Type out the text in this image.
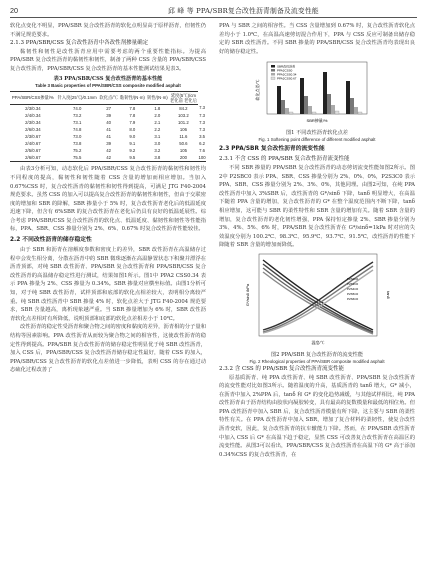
20	邱 峰 等 PPA/SBR复合改性沥青制备及流变性能

软化点变化不明显，PPA/SBR 复合改性沥青的软化点明显高于原样沥青，但韧性仍不满足规范要求。

2.1.3 PPA/SBR/CSS 复合改性沥青中各改性剂掺量确定

黏韧性和韧性是改性沥青应用中需要考虑的两个重要性能指标。为提高 PPA/SBR 复合改性沥青的黏韧性和韧性，制备了两种 CSS 含量的 PPA/SBR/CSS 复合改性沥青，PPA/SBR/CSS 复合改性沥青的基本性能测试结果见表3。

表3 PPA/SBR/CSS 复合改性沥青的基本性能
Table 3 Basic properties of PPA/SBR/CSS composite modified asphalt
PPA/SBR/CSS掺量/%	针入度(25℃)/0.1mm	软化点/℃	黏韧性/(N·m)	韧性/(N·m)	延度(5℃)/cm
老化前 老化后	
2/3/0.34	74.0	27	7.8	1.8	84.2	7.3
2/4/0.34	73.2	39	7.8	2.0	103.2	7.3
2/3/0.34	73.1	40	7.9	2.1	101.2	7.3
2/6/0.34	74.8	41	8.0	2.2	106	7.3
2/3/0.67	73.0	41	9.0	3.1	11.6	3.5
2/4/0.67	73.8	39	9.1	3.0	50.6	6.2
2/5/0.67	75.2	42	9.2	3.2	105	7.6
2/6/0.67	75.5	42	9.5	3.8	200	100

由表3分析可知，动态软化后 PPA/SBR/CSS 复合改性沥青的黏韧性和韧性均不同程度的提高，黏韧性和韧性随着 CSS 含量的增加而相应增加。当加入 0.67%CSS 时，复合改性沥青的黏韧性和韧性得到提高，可满足 JTG F40-2004 规范要求。虽然 CSS 的加入可以提高复合改性沥青的黏韧性和韧性，但由于交联密度的增加和 SBR 的降解，SBR 掺量小于 5% 时，复合改性沥青老化后的低温延度迅速下降，但含有 6%SBR 的复合改性沥青在老化后仍具有良好的低温延展性。综合考虑 PPA/SBR/CSS 复合改性沥青的软化点、低温延度、黏韧性和韧性等性能指标，PPA、SBR、CSS 掺量分别为 2%、6%、0.67% 时复合改性沥青性能较佳。

2.2 不同改性沥青的储存稳定性

由于 SBR 和沥青在溶解度参数和密度上的差异，SBR 改性沥青在高温储存过程中会发生相分离，分散在沥青中的 SBR 微珠逐渐在高温静置状态下积聚并漂浮在沥青顶部，对纯 SBR 改性沥青、PPA/SBR 复合改性沥青和 PPA/SBR/CSS 复合改性沥青的高温储存稳定性进行测试，结果如图1所示。图1中 PPA2 CSS0.34 表示 PPA 掺量为 2%、CSS 掺量为 0.34%。SBR 掺量对应横坐标值。由图1分析可知，对于纯 SBR 改性沥青，试样顶部和底部的软化点相差较大，表明相分离较严重。纯 SBR 改性沥青中 SBR 掺量 4% 时，软化点差大于 JTG F40-2004 规范要求，SBR 含量越高，离析现象越严重。当 SBR 掺量增加为 6% 时，SBR 改性沥青软化点差相对有所降低，说明顶部和底部的软化点差相差小于 10℃。

改性沥青的稳定性受沥青和聚合物之间的密度和黏度的差异，沥青相的分子量和结构等因素影响。PPA 改性沥青从而较为聚合物之间的相容性，这使改性沥青的稳定性得到提高。PPA/SBR 复合改性沥青的储存稳定性明显优于纯 SBR 改性沥青，加入 CSS 后，PPA/SBR/CSS 复合改性沥青储存稳定性最好，随着 CSS 的加入，PPA/SBR/CSS 复合改性沥青的软化点差值进一步降低，表明 CSS 的存在通过动态硫化过程改善了

PPA 与 SBR 之间的相容性。当 CSS 含量增加到 0.67% 时，复合改性沥青软化点差均小于 1.0℃，在高温高速剪切混合作用下，PPA 与 CSS 反应可制备出储存稳定的 SBR 改性沥青。不同 SBR 掺量的 PPA/SBR/CSS 复合改性沥青均表现出良好的储存稳定性。

软化点差/℃
SBR掺量/%
SBR改性沥青
PPA2CSS0
PPA2CSS0.34
PPA2CSS0.67
图1 不同改性沥青软化点差
Fig. 1 Softening point difference of different modified asphalt
2.3 PPA/SBR 复合改性沥青的流变性能
2.3.1 不含 CSS 的 PPA/SBR 复合改性沥青流变性能

不同 SBR 掺量的 PPA/SBR 复合改性沥青的动态剪切流变性能如图2所示。图2中 P2SBC0 表示 PPA、SBR、CSS 掺量分别为 2%、0%、0%，P2S3C0 表示 PPA、SBR、CSS 掺量分别为 2%、3%、0%，其他同理。由图2可知，在纯 PPA 改性沥青中加入 3%SBR 后，改性沥青的 G*/sinδ 下降，tanδ 明显增大，在高温下随着 PPA 含量的增加，复合改性沥青的 G* 在整个温度范围内不断下降，tanδ 相应增加，这可能与 SBR 的柔性特性和 SBR 含量的增加有关。随着 SBR 含量的增加，复合改性沥青的老化韧性增强，PPA 保持恒定掺量 2%、SBR 掺量分别为 3%、4%、5%、6% 时，PPA/SBR 复合改性沥青在 G*/sinδ=1kPa 时对应的失效温度分别为 100.2℃、98.3℃、95.9℃、93.7℃、91.5℃，改性沥青的性能下降随着 SBR 含量的增加而降低。

G*/sinδ /kPa	tanδ
温度/℃
P2S0C0
P2S3C0
P2S4C0
P2S5C0
P2S6C0
图2 PPA/SBR 复合改性沥青的流变性能
Fig. 2 Rheological properties of PPA/SBR composite modified asphalt
2.3.2 含 CSS 的 PPA/SBR 复合改性沥青流变性能

原基质沥青、纯 PPA 改性沥青、纯 SBR 改性沥青、PPA/SBR 复合改性沥青的流变性能对比如图3所示。随着温度的升高，基质沥青的 tanδ 增大，G* 减小，在沥青中加入 2%PPA 后，tanδ 和 G* 的变化趋势减缓，与其他试样相比，纯 PPA 改性沥青由于沥青结构由胶状向凝胶转变，具有最高的复数模量和最低的相位角。但 PPA 改性沥青中加入 SBR 后，复合改性沥青模量有所下降，这主要与 SBR 的柔性特性有关。在 PPA 改性沥青中加入 SBR，增加了复合材料的柔韧性，使复合改性沥青变软，因此，复合改性沥青的抗车辙能力下降。然而，在 PPA/SBR 改性沥青中加入 CSS 后 G* 在高温下趋于稳定，显然 CSS 可改善复合改性沥青在高温区的流变性能。从图3可以看出，PPA/SBR/CSS 复合改性沥青在高温下的 G* 高于添加 0.34%CSS 的复合改性沥青，在
